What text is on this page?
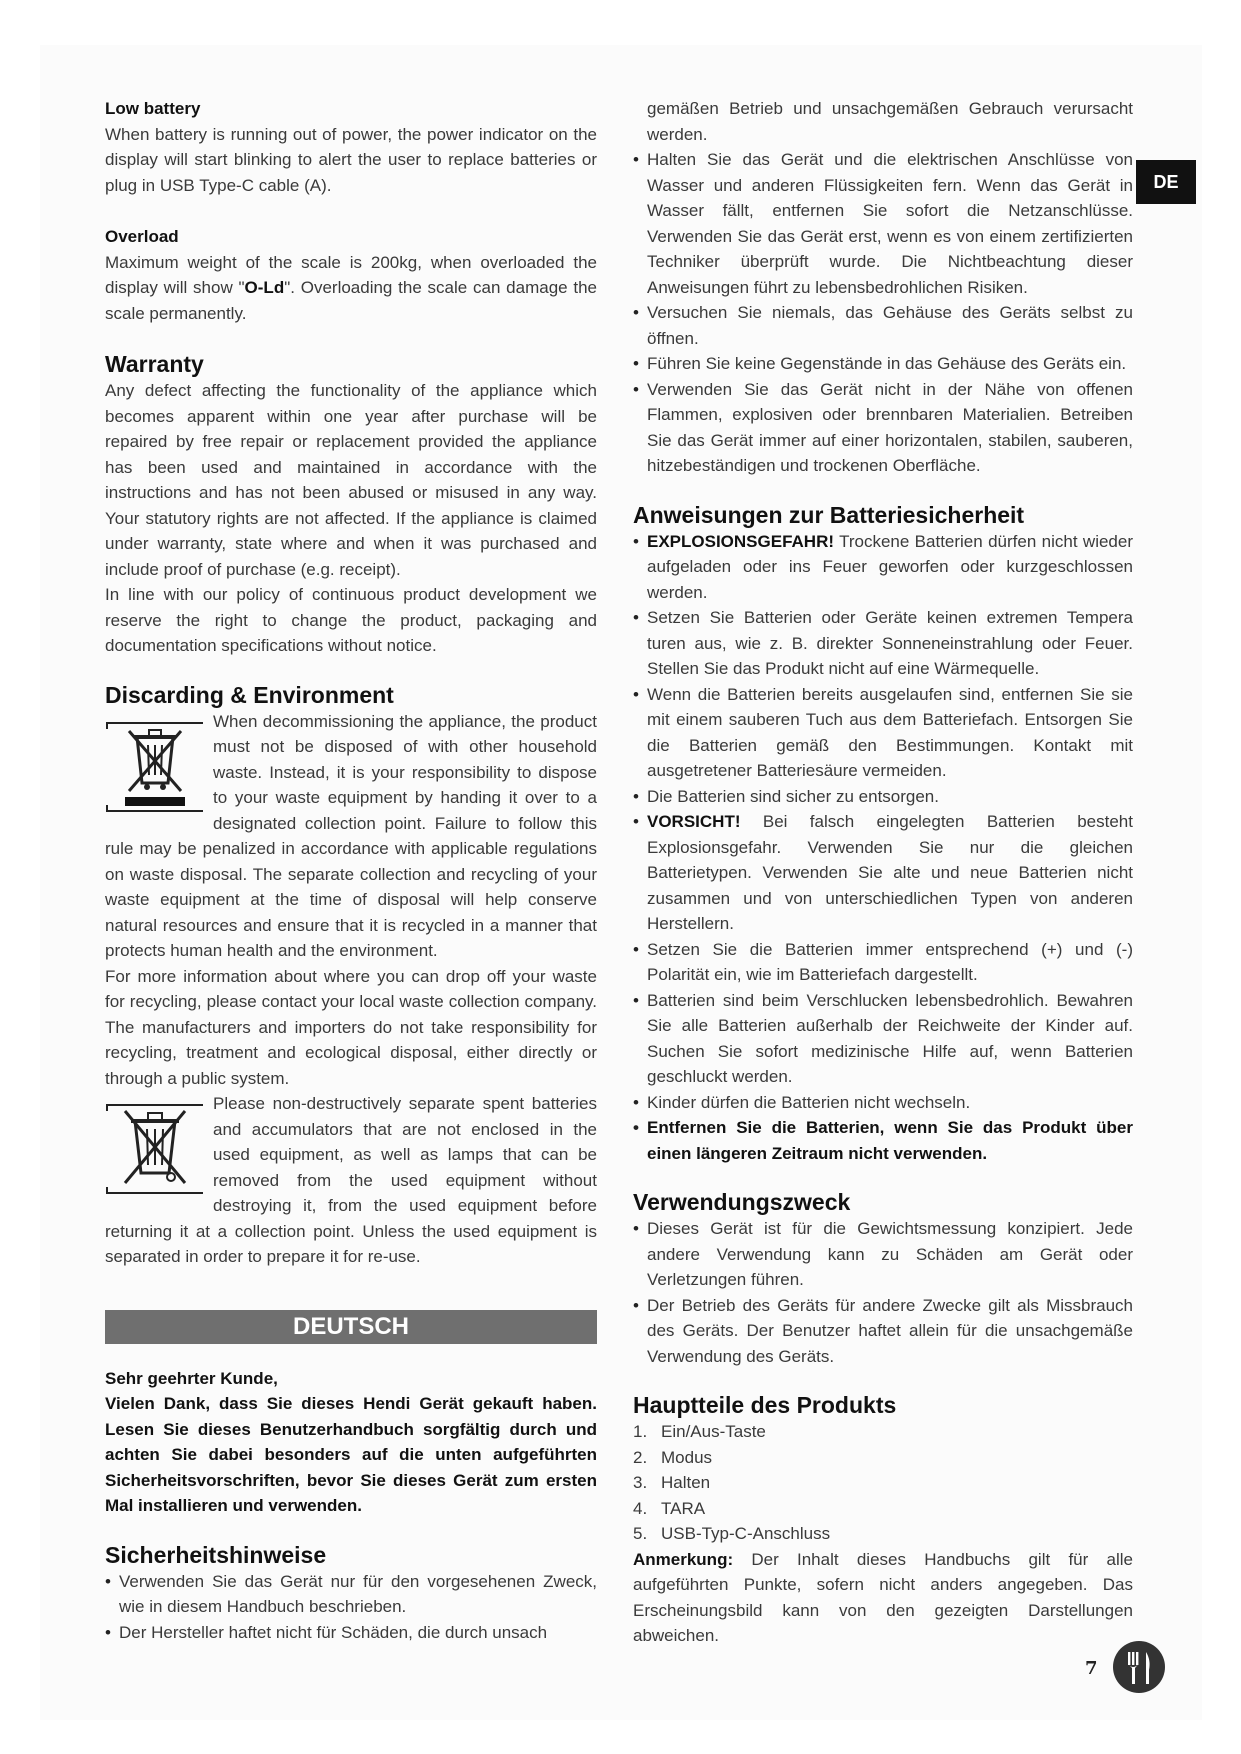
Low battery

When battery is running out of power, the power indicator on the display will start blinking to alert the user to replace batteries or plug in USB Type-C cable (A).

Overload

Maximum weight of the scale is 200kg, when overloaded the display will show "O-Ld". Overloading the scale can damage the scale permanently.

Warranty

Any defect affecting the functionality of the appliance which becomes apparent within one year after purchase will be repaired by free repair or replacement provided the appliance has been used and maintained in accordance with the instructions and has not been abused or misused in any way. Your statutory rights are not affected. If the appliance is claimed under warranty, state where and when it was purchased and include proof of purchase (e.g. receipt).

In line with our policy of continuous product development we reserve the right to change the product, packaging and documentation specifications without notice.

Discarding & Environment

When decommissioning the appliance, the product must not be disposed of with other household waste. Instead, it is your responsibility to dispose to your waste equipment by handing it over to a designated collection point. Failure to follow this rule may be penalized in accordance with applicable regulations on waste disposal. The separate collection and recycling of your waste equipment at the time of disposal will help conserve natural resources and ensure that it is recycled in a manner that protects human health and the environment.

For more information about where you can drop off your waste for recycling, please contact your local waste collection company. The manufacturers and importers do not take responsibility for recycling, treatment and ecological disposal, either directly or through a public system.

Please non-destructively separate spent batteries and accumulators that are not enclosed in the used equipment, as well as lamps that can be removed from the used equipment without destroying it, from the used equipment before returning it at a collection point. Unless the used equipment is separated in order to prepare it for re-use.

DEUTSCH

Sehr geehrter Kunde,

Vielen Dank, dass Sie dieses Hendi Gerät gekauft haben. Lesen Sie dieses Benutzerhandbuch sorgfältig durch und achten Sie dabei besonders auf die unten aufgeführten Sicherheitsvorschriften, bevor Sie dieses Gerät zum ersten Mal installieren und verwenden.

Sicherheitshinweise
• Verwenden Sie das Gerät nur für den vorgesehenen Zweck, wie in diesem Handbuch beschrieben.
• Der Hersteller haftet nicht für Schäden, die durch unsach

gemäßen Betrieb und unsachgemäßen Gebrauch verursacht werden.

• Halten Sie das Gerät und die elektrischen Anschlüsse von Wasser und anderen Flüssigkeiten fern. Wenn das Gerät in Wasser fällt, entfernen Sie sofort die Netzanschlüsse. Verwenden Sie das Gerät erst, wenn es von einem zertifizierten Techniker überprüft wurde. Die Nichtbeachtung dieser Anweisungen führt zu lebensbedrohlichen Risiken.
• Versuchen Sie niemals, das Gehäuse des Geräts selbst zu öffnen.
• Führen Sie keine Gegenstände in das Gehäuse des Geräts ein.
• Verwenden Sie das Gerät nicht in der Nähe von offenen Flammen, explosiven oder brennbaren Materialien. Betreiben Sie das Gerät immer auf einer horizontalen, stabilen, sauberen, hitzebeständigen und trockenen Oberfläche.
Anweisungen zur Batteriesicherheit
• EXPLOSIONSGEFAHR! Trockene Batterien dürfen nicht wieder aufgeladen oder ins Feuer geworfen oder kurzgeschlossen werden.
• Setzen Sie Batterien oder Geräte keinen extremen Tempera turen aus, wie z. B. direkter Sonneneinstrahlung oder Feuer. Stellen Sie das Produkt nicht auf eine Wärmequelle.
• Wenn die Batterien bereits ausgelaufen sind, entfernen Sie sie mit einem sauberen Tuch aus dem Batteriefach. Entsorgen Sie die Batterien gemäß den Bestimmungen. Kontakt mit ausgetretener Batteriesäure vermeiden.
• Die Batterien sind sicher zu entsorgen.
• VORSICHT! Bei falsch eingelegten Batterien besteht Explosionsgefahr. Verwenden Sie nur die gleichen Batterietypen. Verwenden Sie alte und neue Batterien nicht zusammen und von unterschiedlichen Typen von anderen Herstellern.
• Setzen Sie die Batterien immer entsprechend (+) und (-) Polarität ein, wie im Batteriefach dargestellt.
• Batterien sind beim Verschlucken lebensbedrohlich. Bewahren Sie alle Batterien außerhalb der Reichweite der Kinder auf. Suchen Sie sofort medizinische Hilfe auf, wenn Batterien geschluckt werden.
• Kinder dürfen die Batterien nicht wechseln.
• Entfernen Sie die Batterien, wenn Sie das Produkt über einen längeren Zeitraum nicht verwenden.
Verwendungszweck
• Dieses Gerät ist für die Gewichtsmessung konzipiert. Jede andere Verwendung kann zu Schäden am Gerät oder Verletzungen führen.
• Der Betrieb des Geräts für andere Zwecke gilt als Missbrauch des Geräts. Der Benutzer haftet allein für die unsachgemäße Verwendung des Geräts.
Hauptteile des Produkts
1. Ein/Aus-Taste
2. Modus
3. Halten
4. TARA
5. USB-Typ-C-Anschluss

Anmerkung: Der Inhalt dieses Handbuchs gilt für alle aufgeführten Punkte, sofern nicht anders angegeben. Das Erscheinungsbild kann von den gezeigten Darstellungen abweichen.

DE
7
